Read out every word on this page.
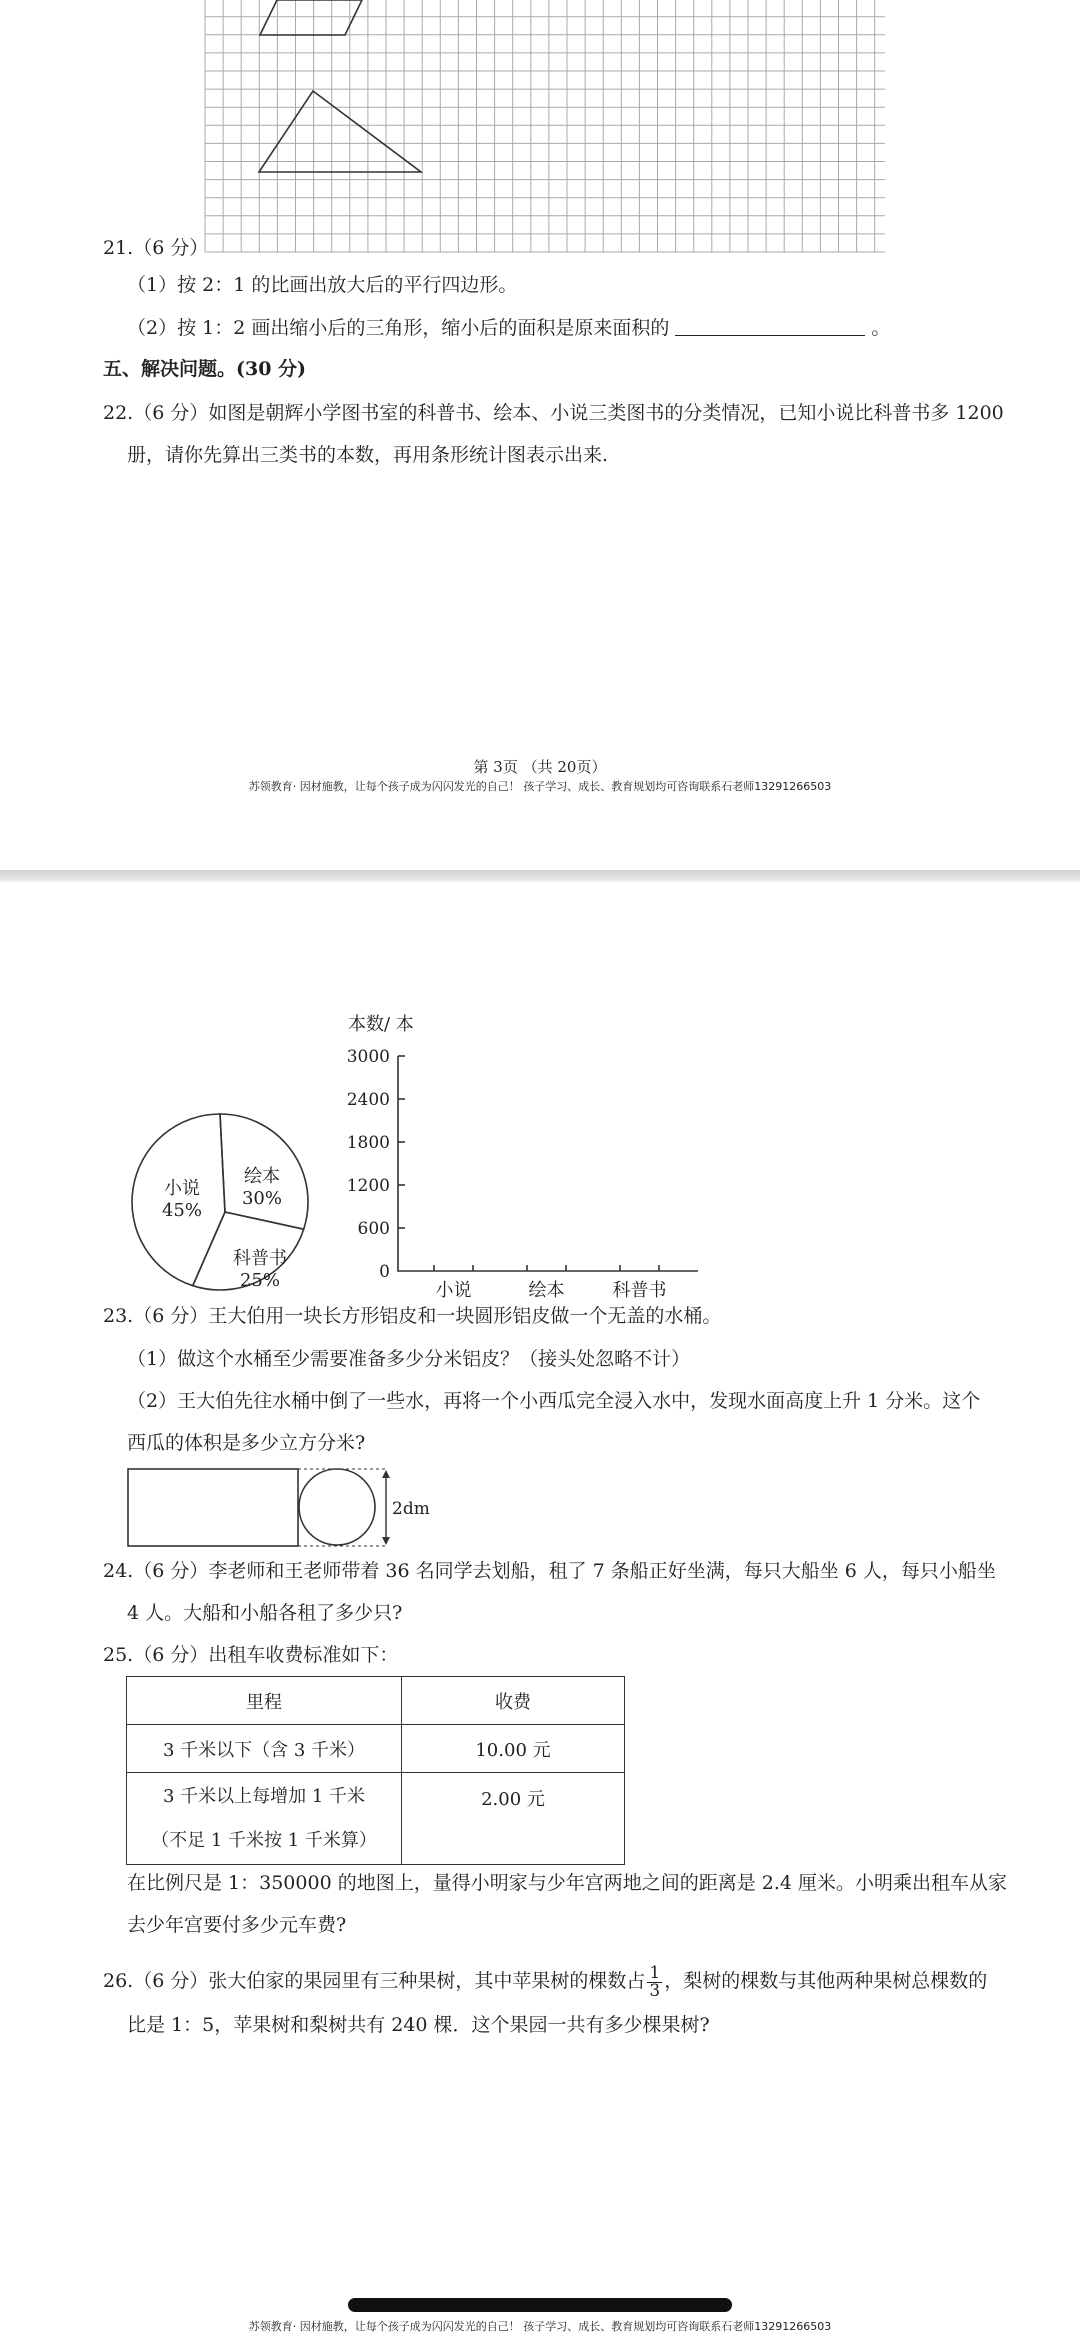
21.（6 分）
（1）按 2：1 的比画出放大后的平行四边形。
（2）按 1：2 画出缩小后的三角形，缩小后的面积是原来面积的	。
五、解决问题。(30 分)
22.（6 分）如图是朝辉小学图书室的科普书、绘本、小说三类图书的分类情况，已知小说比科普书多 1200
册，请你先算出三类书的本数，再用条形统计图表示出来.
第 3页 （共 20页）
苏领教育· 因材施教，让每个孩子成为闪闪发光的自己！ 孩子学习、成长、教育规划均可咨询联系石老师13291266503
绘本
30%
科普书
25%
小说
45%
本数/ 本
0
600
1200
1800
2400
3000
小说	绘本	科普书
23.（6 分）王大伯用一块长方形铝皮和一块圆形铝皮做一个无盖的水桶。
（1）做这个水桶至少需要准备多少分米铝皮？（接头处忽略不计）
（2）王大伯先往水桶中倒了一些水，再将一个小西瓜完全浸入水中，发现水面高度上升 1 分米。这个
西瓜的体积是多少立方分米?
2dm
24.（6 分）李老师和王老师带着 36 名同学去划船，租了 7 条船正好坐满，每只大船坐 6 人，每只小船坐
4 人。大船和小船各租了多少只?
25.（6 分）出租车收费标准如下：
里程	收费
3 千米以下（含 3 千米）	10.00 元

3 千米以上每增加 1 千米
（不足 1 千米按 1 千米算）	2.00 元
在比例尺是 1：350000 的地图上，量得小明家与少年宫两地之间的距离是 2.4 厘米。小明乘出租车从家
去少年宫要付多少元车费?
26.（6 分）张大伯家的果园里有三种果树，其中苹果树的棵数占 $\frac{1}{3}$ ，梨树的棵数与其他两种果树总棵数的
比是 1：5，苹果树和梨树共有 240 棵．这个果园一共有多少棵果树?
苏领教育· 因材施教，让每个孩子成为闪闪发光的自己！ 孩子学习、成长、教育规划均可咨询联系石老师13291266503
